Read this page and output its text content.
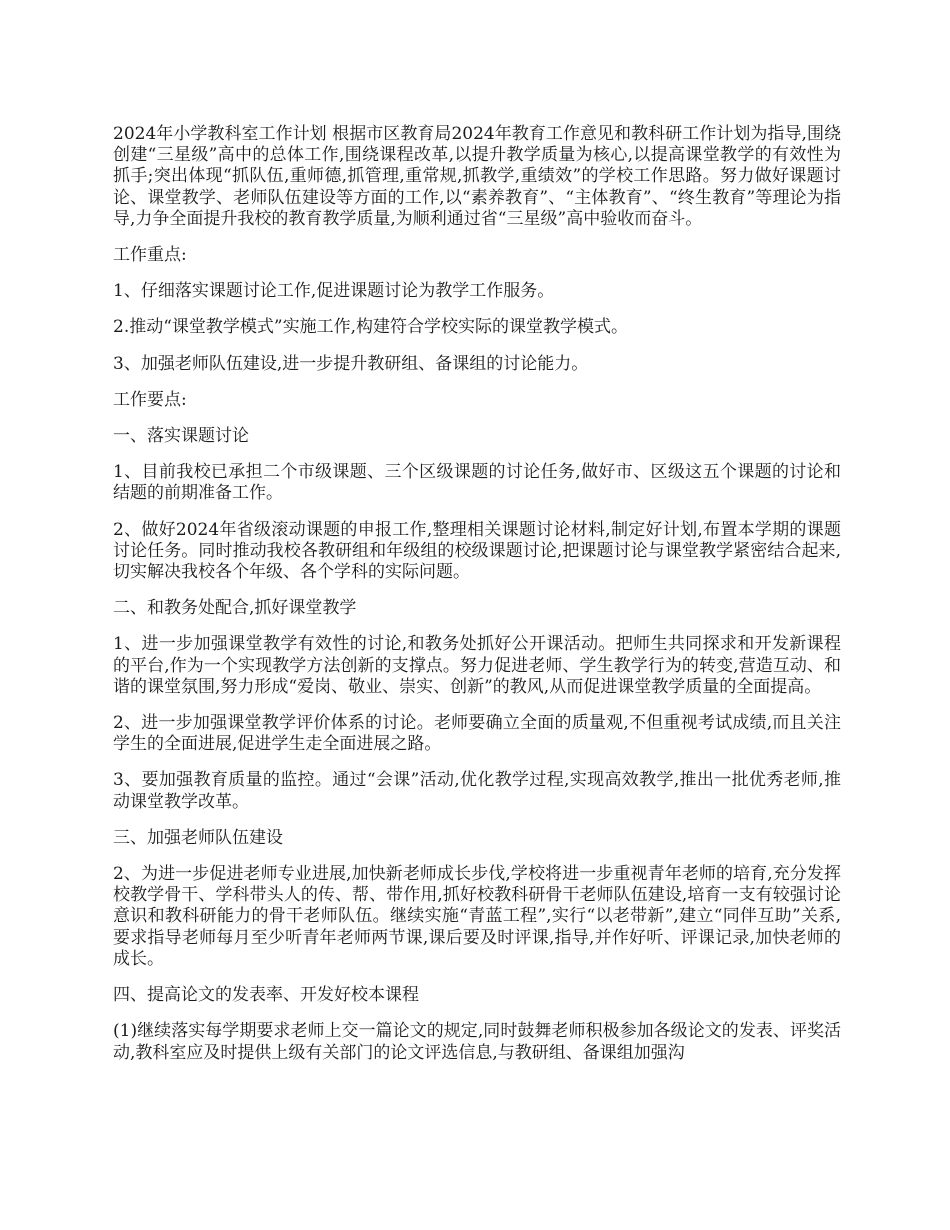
2024年小学教科室工作计划 根据市区教育局2024年教育工作意见和教科研工作计划为指导,围绕创建“三星级”高中的总体工作,围绕课程改革,以提升教学质量为核心,以提高课堂教学的有效性为抓手;突出体现“抓队伍,重师德,抓管理,重常规,抓教学,重绩效”的学校工作思路。努力做好课题讨论、课堂教学、老师队伍建设等方面的工作,以“素养教育”、“主体教育”、“终生教育”等理论为指导,力争全面提升我校的教育教学质量,为顺利通过省“三星级”高中验收而奋斗。

工作重点:

1、仔细落实课题讨论工作,促进课题讨论为教学工作服务。

2.推动“课堂教学模式”实施工作,构建符合学校实际的课堂教学模式。

3、加强老师队伍建设,进一步提升教研组、备课组的讨论能力。

工作要点:

一、落实课题讨论

1、目前我校已承担二个市级课题、三个区级课题的讨论任务,做好市、区级这五个课题的讨论和结题的前期准备工作。

2、做好2024年省级滚动课题的申报工作,整理相关课题讨论材料,制定好计划,布置本学期的课题讨论任务。同时推动我校各教研组和年级组的校级课题讨论,把课题讨论与课堂教学紧密结合起来,切实解决我校各个年级、各个学科的实际问题。

二、和教务处配合,抓好课堂教学

1、进一步加强课堂教学有效性的讨论,和教务处抓好公开课活动。把师生共同探求和开发新课程的平台,作为一个实现教学方法创新的支撑点。努力促进老师、学生教学行为的转变,营造互动、和谐的课堂氛围,努力形成“爱岗、敬业、崇实、创新”的教风,从而促进课堂教学质量的全面提高。

2、进一步加强课堂教学评价体系的讨论。老师要确立全面的质量观,不但重视考试成绩,而且关注学生的全面进展,促进学生走全面进展之路。

3、要加强教育质量的监控。通过“会课”活动,优化教学过程,实现高效教学,推出一批优秀老师,推动课堂教学改革。

三、加强老师队伍建设

2、为进一步促进老师专业进展,加快新老师成长步伐,学校将进一步重视青年老师的培育,充分发挥校教学骨干、学科带头人的传、帮、带作用,抓好校教科研骨干老师队伍建设,培育一支有较强讨论意识和教科研能力的骨干老师队伍。继续实施“青蓝工程”,实行“以老带新”,建立“同伴互助”关系,要求指导老师每月至少听青年老师两节课,课后要及时评课,指导,并作好听、评课记录,加快老师的成长。

四、提高论文的发表率、开发好校本课程

(1)继续落实每学期要求老师上交一篇论文的规定,同时鼓舞老师积极参加各级论文的发表、评奖活动,教科室应及时提供上级有关部门的论文评选信息,与教研组、备课组加强沟
